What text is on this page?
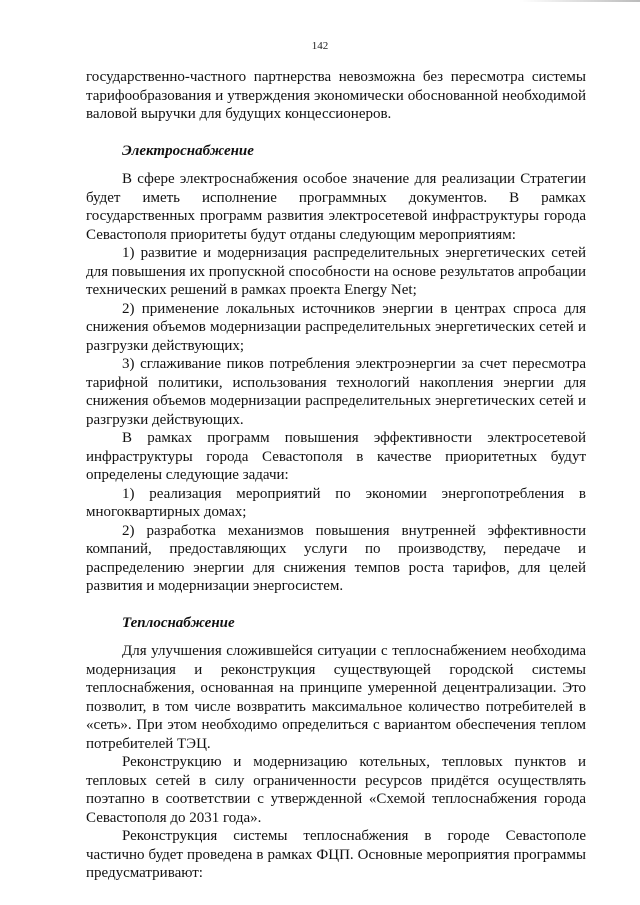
142

государственно-частного партнерства невозможна без пересмотра системы тарифообразования и утверждения экономически обоснованной необходимой валовой выручки для будущих концессионеров.

Электроснабжение

В сфере электроснабжения особое значение для реализации Стратегии будет иметь исполнение программных документов. В рамках государственных программ развития электросетевой инфраструктуры города Севастополя приоритеты будут отданы следующим мероприятиям:

1) развитие и модернизация распределительных энергетических сетей для повышения их пропускной способности на основе результатов апробации технических решений в рамках проекта Energy Net;

2) применение локальных источников энергии в центрах спроса для снижения объемов модернизации распределительных энергетических сетей и разгрузки действующих;

3) сглаживание пиков потребления электроэнергии за счет пересмотра тарифной политики, использования технологий накопления энергии для снижения объемов модернизации распределительных энергетических сетей и разгрузки действующих.

В рамках программ повышения эффективности электросетевой инфраструктуры города Севастополя в качестве приоритетных будут определены следующие задачи:

1) реализация мероприятий по экономии энергопотребления в многоквартирных домах;

2) разработка механизмов повышения внутренней эффективности компаний, предоставляющих услуги по производству, передаче и распределению энергии для снижения темпов роста тарифов, для целей развития и модернизации энергосистем.

Теплоснабжение

Для улучшения сложившейся ситуации с теплоснабжением необходима модернизация и реконструкция существующей городской системы теплоснабжения, основанная на принципе умеренной децентрализации. Это позволит, в том числе возвратить максимальное количество потребителей в «сеть». При этом необходимо определиться с вариантом обеспечения теплом потребителей ТЭЦ.

Реконструкцию и модернизацию котельных, тепловых пунктов и тепловых сетей в силу ограниченности ресурсов придётся осуществлять поэтапно в соответствии с утвержденной «Схемой теплоснабжения города Севастополя до 2031 года».

Реконструкция системы теплоснабжения в городе Севастополе частично будет проведена в рамках ФЦП. Основные мероприятия программы предусматривают:
